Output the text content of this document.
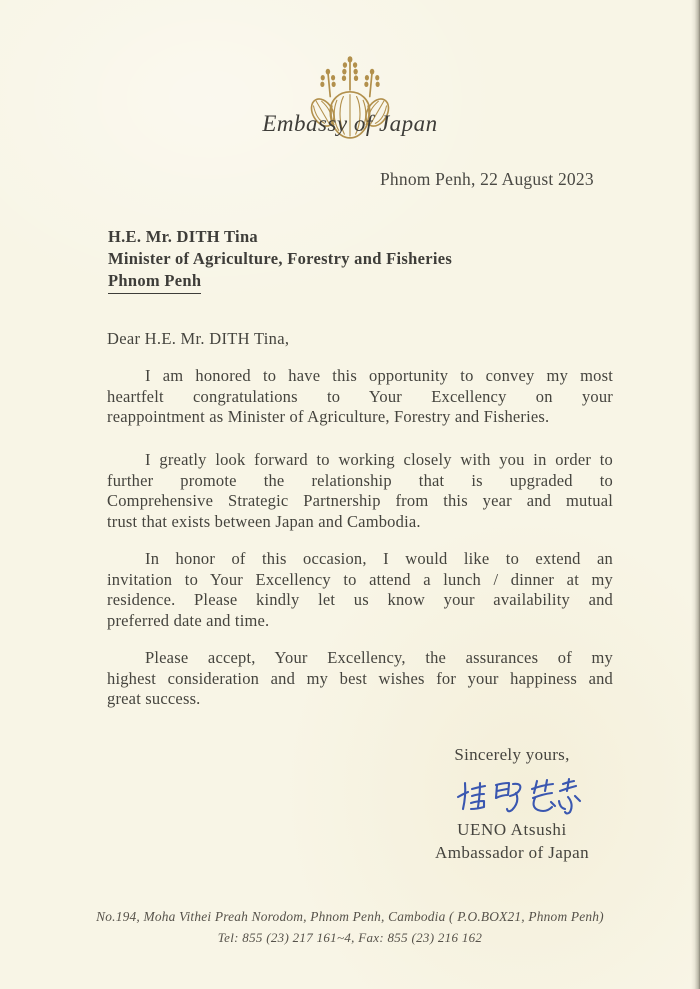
Embassy of Japan
Phnom Penh, 22 August 2023
H.E. Mr. DITH Tina
Minister of Agriculture, Forestry and Fisheries
Phnom Penh
Dear H.E. Mr. DITH Tina,
I am honored to have this opportunity to convey my most
heartfelt congratulations to Your Excellency on your
reappointment as Minister of Agriculture, Forestry and Fisheries.
I greatly look forward to working closely with you in order to
further promote the relationship that is upgraded to
Comprehensive Strategic Partnership from this year and mutual
trust that exists between Japan and Cambodia.
In honor of this occasion, I would like to extend an
invitation to Your Excellency to attend a lunch / dinner at my
residence. Please kindly let us know your availability and
preferred date and time.
Please accept, Your Excellency, the assurances of my
highest consideration and my best wishes for your happiness and
great success.
Sincerely yours,
UENO Atsushi
Ambassador of Japan
No.194, Moha Vithei Preah Norodom, Phnom Penh, Cambodia ( P.O.BOX21, Phnom Penh)
Tel: 855 (23) 217 161~4, Fax: 855 (23) 216 162
